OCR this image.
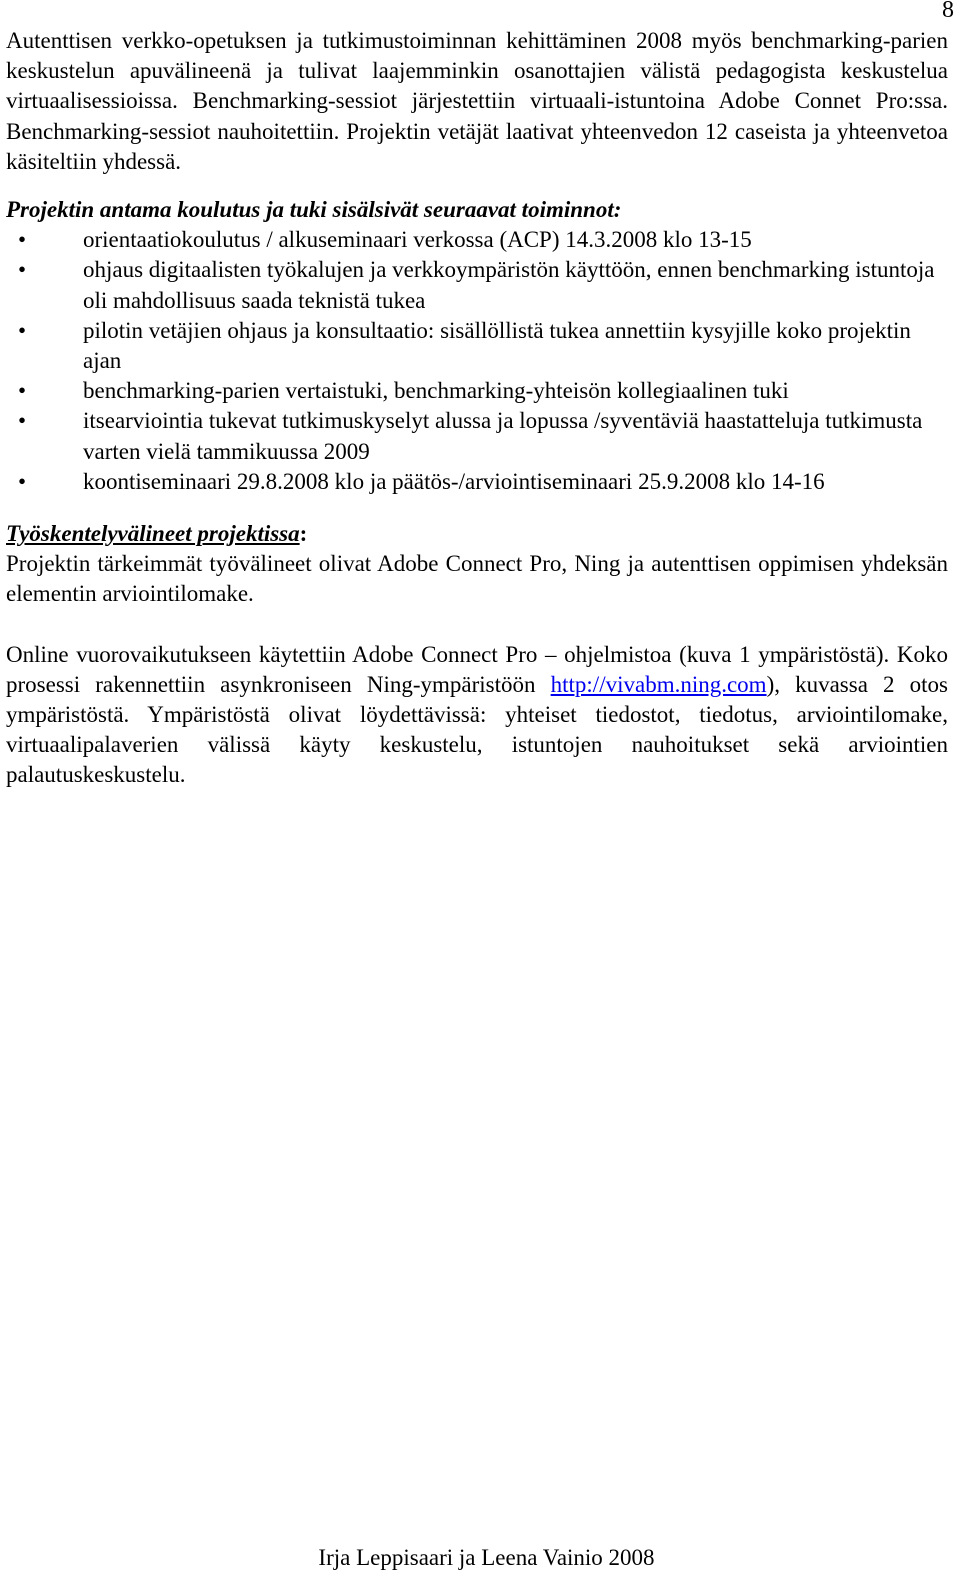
8

Autenttisen verkko-opetuksen ja tutkimustoiminnan kehittäminen 2008 myös benchmarking-parien keskustelun apuvälineenä ja tulivat laajemminkin osanottajien välistä pedagogista keskustelua virtuaalisessioissa. Benchmarking-sessiot järjestettiin virtuaali-istuntoina Adobe Connet Pro:ssa. Benchmarking-sessiot nauhoitettiin. Projektin vetäjät laativat yhteenvedon 12 caseista ja yhteenvetoa käsiteltiin yhdessä.

Projektin antama koulutus ja tuki sisälsivät seuraavat toiminnot:

• orientaatiokoulutus / alkuseminaari verkossa (ACP) 14.3.2008 klo 13-15
• ohjaus digitaalisten työkalujen ja verkkoympäristön käyttöön, ennen benchmarking istuntoja oli mahdollisuus saada teknistä tukea
• pilotin vetäjien ohjaus ja konsultaatio: sisällöllistä tukea annettiin kysyjille koko projektin ajan
• benchmarking-parien vertaistuki, benchmarking-yhteisön kollegiaalinen tuki
• itsearviointia tukevat tutkimuskyselyt alussa ja lopussa /syventäviä haastatteluja tutkimusta varten vielä tammikuussa 2009
• koontiseminaari 29.8.2008 klo ja päätös-/arviointiseminaari 25.9.2008 klo 14-16

Työskentelyvälineet projektissa:

Projektin tärkeimmät työvälineet olivat Adobe Connect Pro, Ning ja autenttisen oppimisen yhdeksän elementin arviointilomake.

Online vuorovaikutukseen käytettiin Adobe Connect Pro – ohjelmistoa (kuva 1 ympäristöstä). Koko prosessi rakennettiin asynkroniseen Ning-ympäristöön http://vivabm.ning.com), kuvassa 2 otos ympäristöstä. Ympäristöstä olivat löydettävissä: yhteiset tiedostot, tiedotus, arviointilomake, virtuaalipalaverien välissä käyty keskustelu, istuntojen nauhoitukset sekä arviointien palautuskeskustelu.

Irja Leppisaari ja Leena Vainio 2008
